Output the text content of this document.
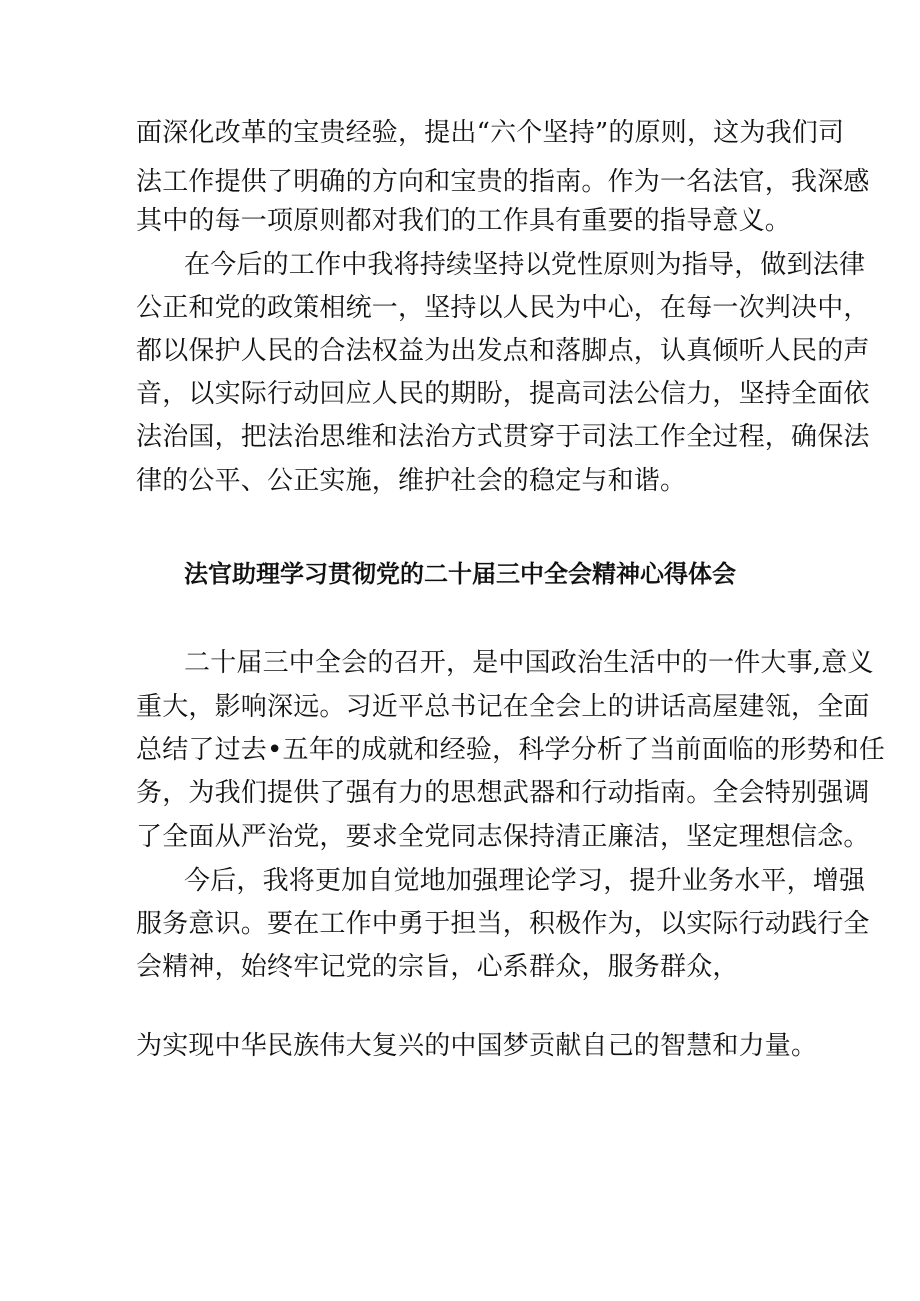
面深化改革的宝贵经验，提出“六个坚持”的原则，这为我们司
法工作提供了明确的方向和宝贵的指南。作为一名法官，我深感
其中的每一项原则都对我们的工作具有重要的指导意义。
在今后的工作中我将持续坚持以党性原则为指导，做到法律
公正和党的政策相统一，坚持以人民为中心，在每一次判决中，
都以保护人民的合法权益为出发点和落脚点，认真倾听人民的声
音，以实际行动回应人民的期盼，提高司法公信力，坚持全面依
法治国，把法治思维和法治方式贯穿于司法工作全过程，确保法
律的公平、公正实施，维护社会的稳定与和谐。
法官助理学习贯彻党的二十届三中全会精神心得体会
二十届三中全会的召开，是中国政治生活中的一件大事,意义
重大，影响深远。习近平总书记在全会上的讲话高屋建瓴，全面
总结了过去•五年的成就和经验，科学分析了当前面临的形势和任
务，为我们提供了强有力的思想武器和行动指南。全会特别强调
了全面从严治党，要求全党同志保持清正廉洁，坚定理想信念。
今后，我将更加自觉地加强理论学习，提升业务水平，增强
服务意识。要在工作中勇于担当，积极作为，以实际行动践行全
会精神，始终牢记党的宗旨，心系群众，服务群众，
为实现中华民族伟大复兴的中国梦贡献自己的智慧和力量。
